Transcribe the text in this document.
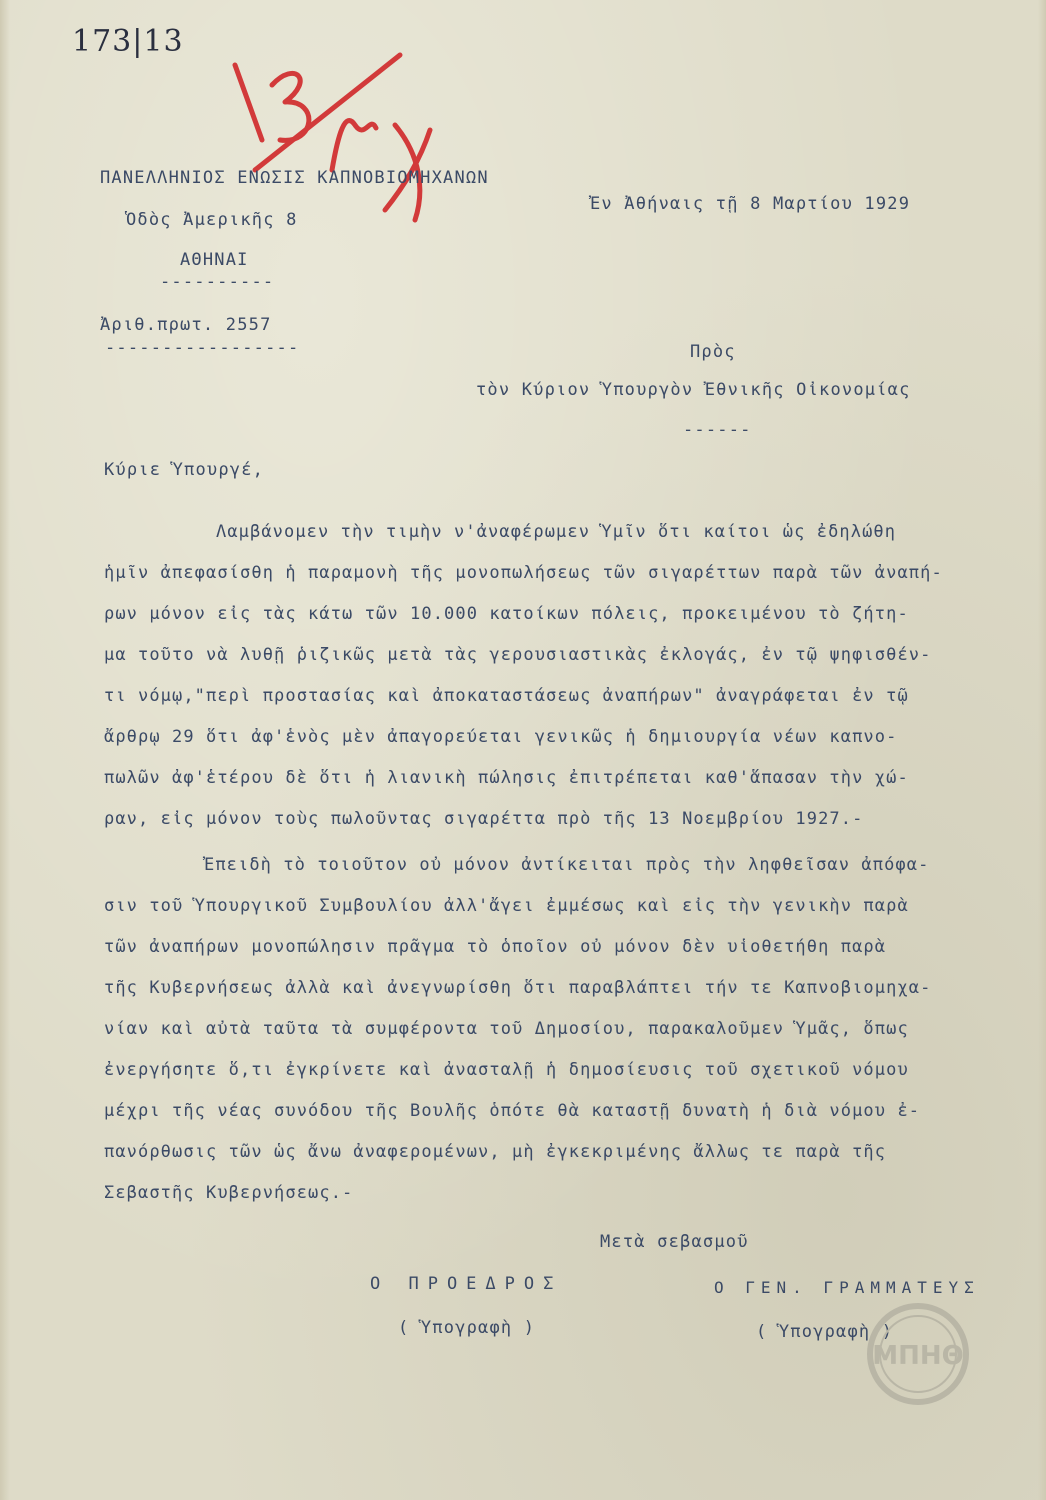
173|13
ΠΑΝΕΛΛΗΝΙΟΣ ΕΝΩΣΙΣ ΚΑΠΝΟΒΙΟΜΗΧΑΝΩΝ
Ὁδὸς Ἀμερικῆς 8
ΑΘΗΝΑΙ
----------
Ἀριθ.πρωτ. 2557
-----------------
Ἐν Ἀθήναις τῇ 8 Μαρτίου 1929
Πρὸς
τὸν Κύριον Ὑπουργὸν Ἐθνικῆς Οἰκονομίας
------
Κύριε Ὑπουργέ,
Λαμβάνομεν τὴν τιμὴν ν'ἀναφέρωμεν Ὑμῖν ὅτι καίτοι ὡς ἐδηλώθη
ἡμῖν ἀπεφασίσθη ἡ παραμονὴ τῆς μονοπωλήσεως τῶν σιγαρέττων παρὰ τῶν ἀναπή-
ρων μόνον εἰς τὰς κάτω τῶν 10.000 κατοίκων πόλεις, προκειμένου τὸ ζήτη-
μα τοῦτο νὰ λυθῇ ῥιζικῶς μετὰ τὰς γερουσιαστικὰς ἐκλογάς, ἐν τῷ ψηφισθέν-
τι νόμῳ,"περὶ προστασίας καὶ ἀποκαταστάσεως ἀναπήρων" ἀναγράφεται ἐν τῷ
ἄρθρῳ 29 ὅτι ἀφ'ἑνὸς μὲν ἀπαγορεύεται γενικῶς ἡ δημιουργία νέων καπνο-
πωλῶν ἀφ'ἑτέρου δὲ ὅτι ἡ λιανικὴ πώλησις ἐπιτρέπεται καθ'ἅπασαν τὴν χώ-
ραν, εἰς μόνον τοὺς πωλοῦντας σιγαρέττα πρὸ τῆς 13 Νοεμβρίου 1927.-
Ἐπειδὴ τὸ τοιοῦτον οὐ μόνον ἀντίκειται πρὸς τὴν ληφθεῖσαν ἀπόφα-
σιν τοῦ Ὑπουργικοῦ Συμβουλίου ἀλλ'ἄγει ἐμμέσως καὶ εἰς τὴν γενικὴν παρὰ
τῶν ἀναπήρων μονοπώλησιν πρᾶγμα τὸ ὁποῖον οὐ μόνον δὲν υἱοθετήθη παρὰ
τῆς Κυβερνήσεως ἀλλὰ καὶ ἀνεγνωρίσθη ὅτι παραβλάπτει τήν τε Καπνοβιομηχα-
νίαν καὶ αὐτὰ ταῦτα τὰ συμφέροντα τοῦ Δημοσίου, παρακαλοῦμεν Ὑμᾶς, ὅπως
ἐνεργήσητε ὅ,τι ἐγκρίνετε καὶ ἀνασταλῇ ἡ δημοσίευσις τοῦ σχετικοῦ νόμου
μέχρι τῆς νέας συνόδου τῆς Βουλῆς ὁπότε θὰ καταστῇ δυνατὴ ἡ διὰ νόμου ἐ-
πανόρθωσις τῶν ὡς ἄνω ἀναφερομένων, μὴ ἐγκεκριμένης ἄλλως τε παρὰ τῆς
Σεβαστῆς Κυβερνήσεως.-
Μετὰ σεβασμοῦ
Ο ΠΡΟΕΔΡΟΣ
( Ὑπογραφὴ )
Ο ΓΕΝ. ΓΡΑΜΜΑΤΕΥΣ
( Ὑπογραφὴ )
ΜΠΗΘ
